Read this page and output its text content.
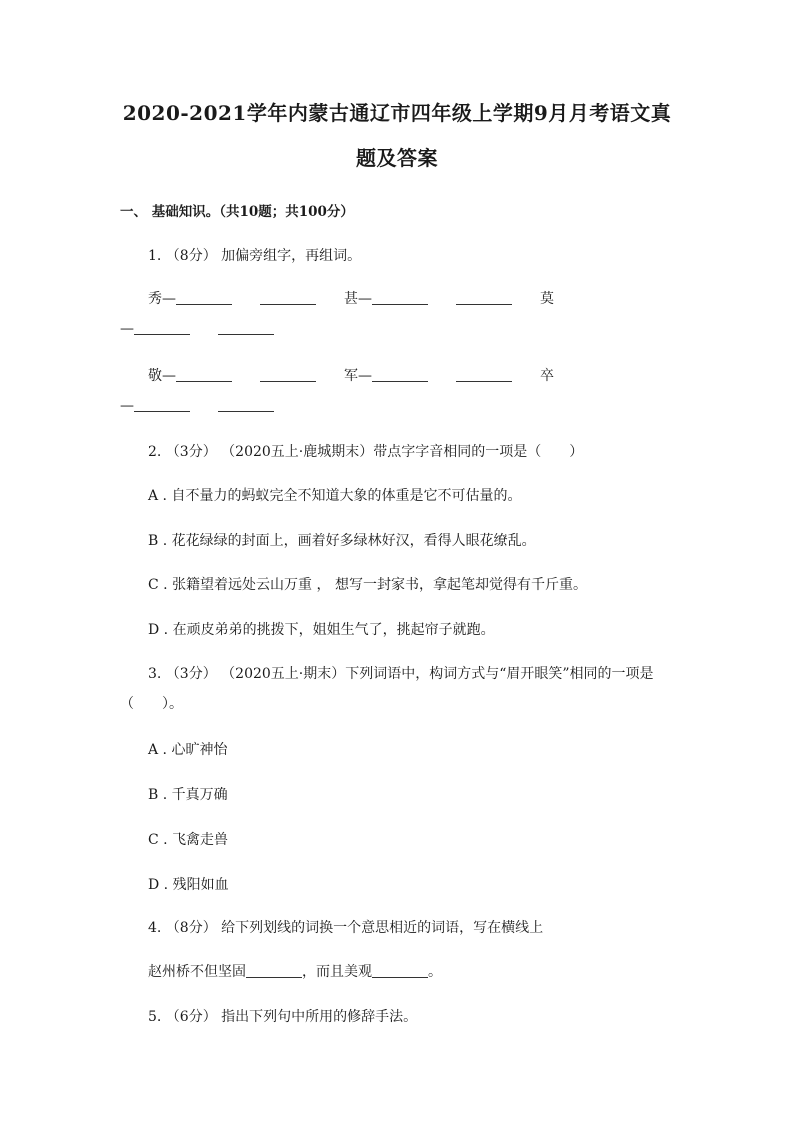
2020-2021学年内蒙古通辽市四年级上学期9月月考语文真
题及答案
一、 基础知识。（共10题；共100分）
1. （8分） 加偏旁组字，再组词。
秀—	甚—	莫
—
敬—	军—	卒
—
2. （3分） （2020五上·鹿城期末）带点字字音相同的一项是（　　）
A . 自不量力的蚂蚁完全不知道大象的体重是它不可估量的。
B . 花花绿绿的封面上，画着好多绿林好汉，看得人眼花缭乱。
C . 张籍望着远处云山万重 ， 想写一封家书，拿起笔却觉得有千斤重。
D . 在顽皮弟弟的挑拨下，姐姐生气了，挑起帘子就跑。
3. （3分） （2020五上·期末）下列词语中，构词方式与“眉开眼笑”相同的一项是
（　　）。
A . 心旷神怡
B . 千真万确
C . 飞禽走兽
D . 残阳如血
4. （8分） 给下列划线的词换一个意思相近的词语，写在横线上
赵州桥不但坚固	，而且美观	。
5. （6分） 指出下列句中所用的修辞手法。
